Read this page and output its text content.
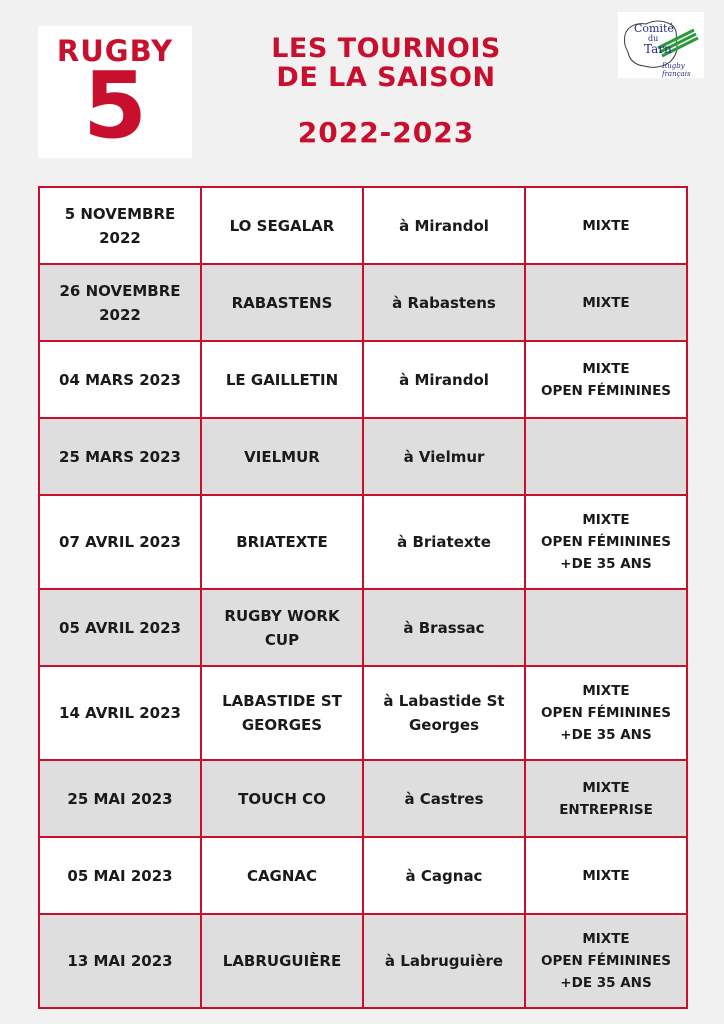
RUGBY
5
LES TOURNOIS
DE LA SAISON
2022-2023
Comité
du
Tarn
Rugby français
5 NOVEMBRE
2022	LO SEGALAR	à Mirandol	MIXTE

26 NOVEMBRE
2022	RABASTENS	à Rabastens	MIXTE

04 MARS 2023	LE GAILLETIN	à Mirandol	MIXTE
OPEN FÉMININES

25 MARS 2023	VIELMUR	à Vielmur	

07 AVRIL 2023	BRIATEXTE	à Briatexte	MIXTE
OPEN FÉMININES
+DE 35 ANS

05 AVRIL 2023	RUGBY WORK
CUP	à Brassac	

14 AVRIL 2023	LABASTIDE ST
GEORGES	à Labastide St
Georges	MIXTE
OPEN FÉMININES
+DE 35 ANS

25 MAI 2023	TOUCH CO	à Castres	MIXTE
ENTREPRISE

05 MAI 2023	CAGNAC	à Cagnac	MIXTE

13 MAI 2023	LABRUGUIÈRE	à Labruguière	MIXTE
OPEN FÉMININES
+DE 35 ANS
